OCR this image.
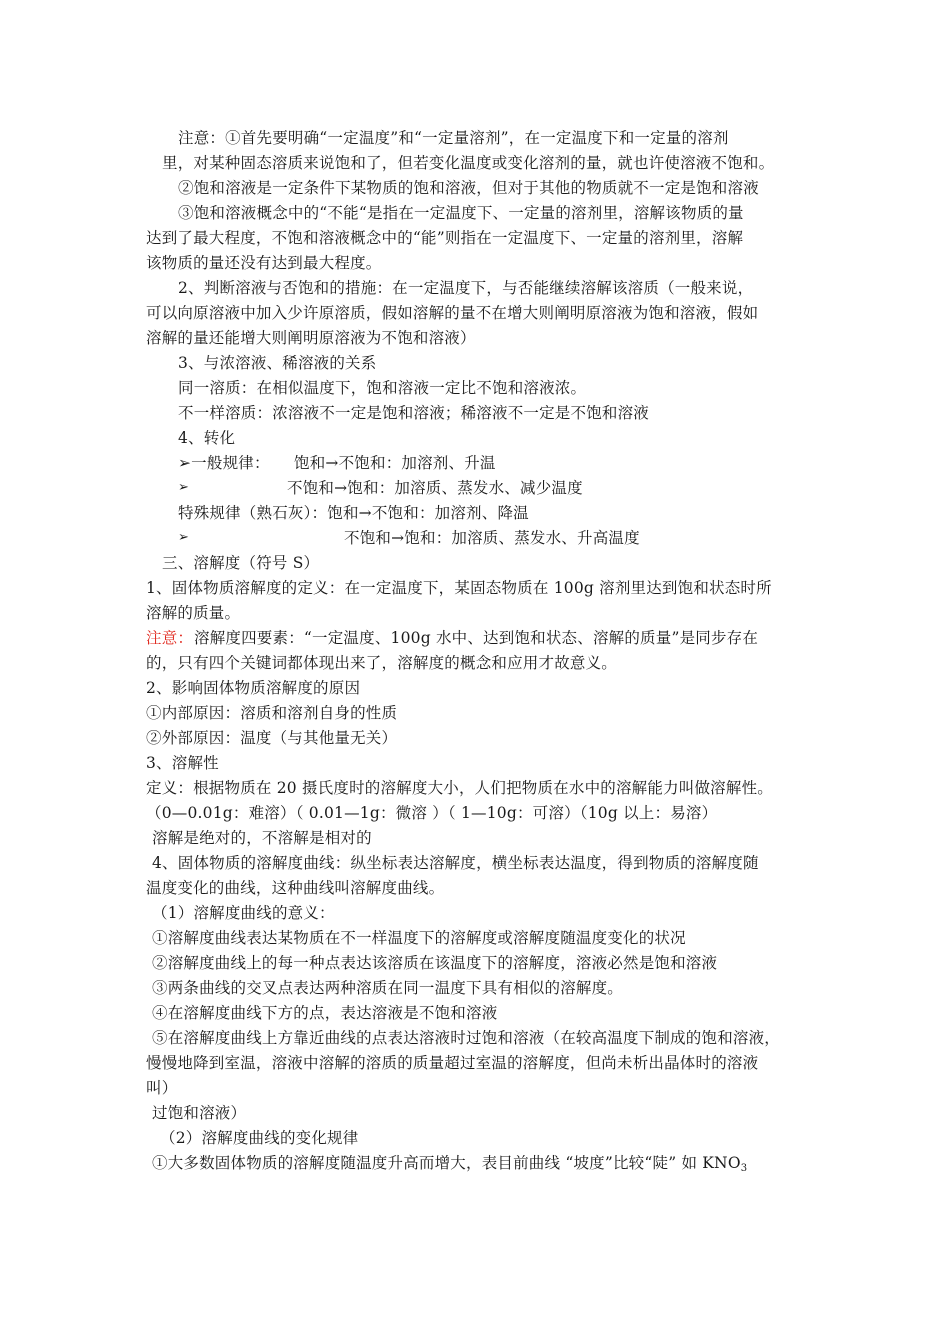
注意：①首先要明确“一定温度”和“一定量溶剂”，在一定温度下和一定量的溶剂
里，对某种固态溶质来说饱和了，但若变化温度或变化溶剂的量，就也许使溶液不饱和。
②饱和溶液是一定条件下某物质的饱和溶液，但对于其他的物质就不一定是饱和溶液
③饱和溶液概念中的“不能“是指在一定温度下、一定量的溶剂里，溶解该物质的量
达到了最大程度，不饱和溶液概念中的“能”则指在一定温度下、一定量的溶剂里，溶解
该物质的量还没有达到最大程度。
2、判断溶液与否饱和的措施：在一定温度下，与否能继续溶解该溶质（一般来说，
可以向原溶液中加入少许原溶质，假如溶解的量不在增大则阐明原溶液为饱和溶液，假如
溶解的量还能增大则阐明原溶液为不饱和溶液）
3、与浓溶液、稀溶液的关系
同一溶质：在相似温度下，饱和溶液一定比不饱和溶液浓。
不一样溶质：浓溶液不一定是饱和溶液；稀溶液不一定是不饱和溶液
4、转化
➢一般规律： 饱和→不饱和：加溶剂、升温
➢	不饱和→饱和：加溶质、蒸发水、减少温度
特殊规律（熟石灰）：饱和→不饱和：加溶剂、降温
➢	不饱和→饱和：加溶质、蒸发水、升高温度
三、溶解度（符号 S）
1、固体物质溶解度的定义：在一定温度下，某固态物质在 100g 溶剂里达到饱和状态时所
溶解的质量。
注意： 溶解度四要素：“一定温度、100g 水中、达到饱和状态、溶解的质量”是同步存在
的，只有四个关键词都体现出来了，溶解度的概念和应用才故意义。
2、影响固体物质溶解度的原因
①内部原因：溶质和溶剂自身的性质
②外部原因：温度（与其他量无关）
3、溶解性
定义：根据物质在 20 摄氏度时的溶解度大小，人们把物质在水中的溶解能力叫做溶解性。
（0—0.01g：难溶）（ 0.01—1g：微溶 ）（ 1—10g：可溶）（10g 以上：易溶）
溶解是绝对的，不溶解是相对的
4、固体物质的溶解度曲线：纵坐标表达溶解度，横坐标表达温度，得到物质的溶解度随
温度变化的曲线，这种曲线叫溶解度曲线。
（1）溶解度曲线的意义：
①溶解度曲线表达某物质在不一样温度下的溶解度或溶解度随温度变化的状况
②溶解度曲线上的每一种点表达该溶质在该温度下的溶解度，溶液必然是饱和溶液
③两条曲线的交叉点表达两种溶质在同一温度下具有相似的溶解度。
④在溶解度曲线下方的点，表达溶液是不饱和溶液
⑤在溶解度曲线上方靠近曲线的点表达溶液时过饱和溶液（在较高温度下制成的饱和溶液，
慢慢地降到室温，溶液中溶解的溶质的质量超过室温的溶解度，但尚未析出晶体时的溶液
叫）
过饱和溶液）
（2）溶解度曲线的变化规律
①大多数固体物质的溶解度随温度升高而增大，表目前曲线 “坡度”比较“陡” 如 $KNO_3$
